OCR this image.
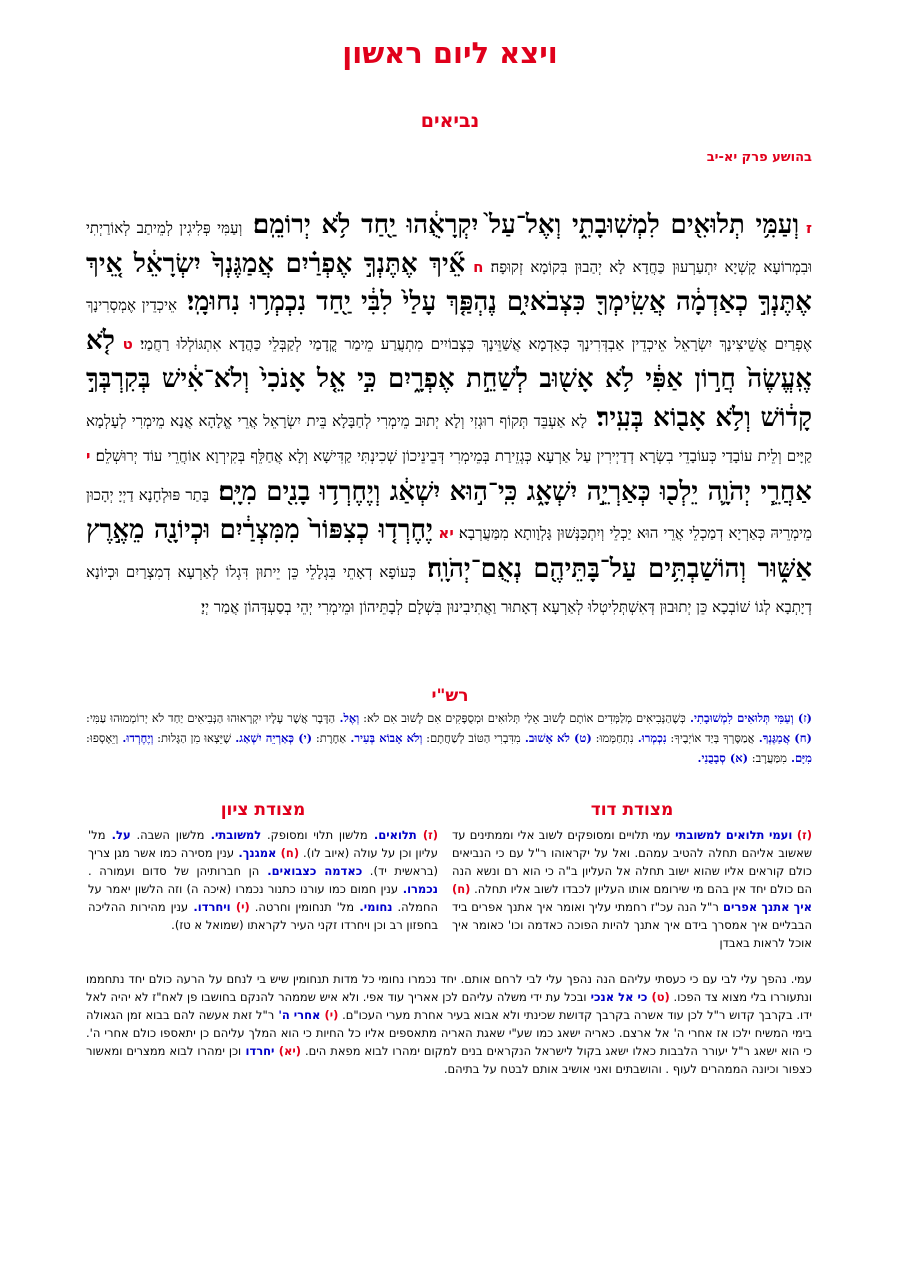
ויצא ליום ראשון
נביאים
בהושע פרק יא-יב
ז וְעַמִּ֥י תְלוּאִ֖ים לִמְשֽׁוּבָתִ֑י וְאֶל־עַל֙ יִקְרָאֻ֔הוּ יַ֖חַד לֹ֥א יְרוֹמֵֽם׃ וְעַמִּי פְּלִיגִין לְמֵיתַב לְאוֹרַיְתִי וּבִמְרוֹעָא קָשְׁיָא יִתְעַרְעוּן כַּחֲדָא לָא יְהַבוּן בִּקוֹמָא זְקוּפָה׃ ח אֵ֞יךְ אֶתֶּנְךָ֣ אֶפְרַ֗יִם אֲמַגֶּנְךָ֙ יִשְׂרָאֵ֔ל אֵ֚יךְ אֶתֶּנְךָ֣ כְאַדְמָ֔ה אֲשִֽׂימְךָ֖ כִּצְבֹאיִ֑ם נֶהְפַּ֤ךְ עָלַי֙ לִבִּ֔י יַ֖חַד נִכְמְר֥וּ נִחוּמָֽי׃ אֵיכְדֵין אֶמְסְרִינָךְ אֶפְרַיִם אֲשֵׁיצִינָךְ יִשְׂרָאֵל אֵיכְדֵין אַבְדְּרִינָךְ כְּאַדְמָא אֲשַׁוֵּינָךְ כִּצְבוֹיִים מִתְעֲרַע מֵימַר קֳדָמַי לְקַבְּלֵי כַּהֲדָא אִתְגּוֹלְלוּ רַחֲמַי׃ ט לֹ֤א אֶֽעֱשֶׂה֙ חֲר֣וֹן אַפִּ֔י לֹ֥א אָשׁ֖וּב לְשַׁחֵ֣ת אֶפְרָ֑יִם כִּ֣י אֵ֤ל אָנֹכִי֙ וְלֹא־אִ֔ישׁ בְּקִרְבְּךָ֣ קָד֔וֹשׁ וְלֹ֥א אָב֖וֹא בְּעִֽיר׃ לָא אַעְבֵּד תְּקוֹף רוּגְזִי וְלָא יְתוּב מֵימְרִי לְחַבָּלָא בֵּית יִשְׂרָאֵל אֲרֵי אֱלָהָא אֲנָא מֵימְרִי לְעָלְמָא קַיָּים וְלֵית עוֹבָדַי כְּעוֹבָדֵי בִשְׂרָא דְדַיְירִין עַל אַרְעָא כְּגְזֵירַת בְּמֵימְרִי דְּבֵינֵיכוֹן שְׁכִינְתִּי קַדִּישָׁא וְלָא אֲחַלֵּף בְּקִירְוָא אוֹחֲרֵי עוֹד יְרוּשְׁלֵם׃ י אַחֲרֵ֧י יְהֹוָ֛ה יֵלְכ֖וּ כְּאַרְיֵ֣ה יִשְׁאָ֑ג כִּֽי־ה֣וּא יִשְׁאַ֔ג וְיֶחֶרְד֥וּ בָנִ֖ים מִיָּֽם׃ בָּתַר פּוּלְחָנָא דַיְיָ יְהָכוּן מֵימְרֵיהּ כְּאַרְיָא דְמַכְלֵי אֲרֵי הוּא יַכְלֵי וְיִתְכַּנְּשׁוּן גָּלְוָותָא מִמַּעֲרְבָא׃ יא יֶחֶרְד֤וּ כְצִפּוֹר֙ מִמִּצְרַ֔יִם וּכְיוֹנָ֖ה מֵאֶ֣רֶץ אַשּׁ֑וּר וְהוֹשַׁבְתִּ֥ים עַל־בָּתֵּיהֶ֖ם נְאֻם־יְהֹוָֽה׃ כְּעוֹפָא דְאָתֵי בִּגְלָלֵי כֵּן יֵיתוּן דִּגְלוֹ לְאַרְעָא דְמִצְרַיִם וּכְיוֹנָא דְיָתְבָא לְגוֹ שׁוֹבְכָא כֵּן יְתוּבוּן דְּאִשְׁתְּלִיטְלוּ לְאַרְעָא דְאָתוּר וַאֲתִיבִינוּן בִּשְׁלָם לְבָתֵּיהוֹן וּמֵימְרִי יְהֵי בְסַעְדְּהוֹן אֲמַר יְיָ׃
רש"י
(ז) וְעַמִּי תְּלוּאִים לִמְשׁוּבָתִי. כְּשֶׁהַנְּבִיאִים מְלַמְּדִים אוֹתָם לָשׁוּב אֵלַי תְּלוּאִים וּמְסֻפָּקִים אִם לָשׁוּב אִם לֹא: וְאֶל. הַדָּבָר אֲשֶׁר עָלָיו יִקְרָאוּהוּ הַנְּבִיאִים יַחַד לֹא יְרוֹמְמוּהוּ עַמִּי: (ח) אֲמַגֶּנְךָ. אֲמַסֶּרְךָ בְּיַד אוֹיְבֶיךָ: נִכְמְרוּ. נִתְחַמְּמוּ: (ט) לֹא אָשׁוּב. מִדִּבְרִי הַטּוֹב לְשַׁחֲתָם: וְלֹא אָבוֹא בְּעִיר. אַחֶרֶת: (י) כְּאַרְיֵה יִשְׁאַג. שֶׁיֵּצְאוּ מִן הַגָּלוּת: וְיֶחֶרְדוּ. וְיֵאָסְפוּ: מִיָּם. מִמַּעֲרָב: (א) סְבָבֻנִי.
מצודת דוד
מצודת ציון
(ז) ועמי תלואים למשובתי עמי תלויים ומסופקים לשוב אלי וממתינים עד שאשוב אליהם תחלה להטיב עמהם. ואל על יקראוהו ר"ל עם כי הנביאים כולם קוראים אליו שהוא ישוב תחלה אל העליון ב"ה כי הוא רם ונשא הנה הם כולם יחד אין בהם מי שירומם אותו העליון לכבדו לשוב אליו תחלה. (ח) איך אתנך אפרים ר"ל הנה עכ"ז רחמתי עליך ואומר איך אתנך אפרים ביד הבבליים איך אמסרך בידם איך אתנך להיות הפוכה כאדמה וכו' כאומר איך אוכל לראות באבדן
(ז) תלואים. מלשון תלוי ומסופק. למשובתי. מלשון השבה. על. מל' עליון וכן על עולה (איוב לו). (ח) אמגנך. ענין מסירה כמו אשר מגן צריך (בראשית יד). כאדמה כצבואים. הן חברותיהן של סדום ועמורה . נכמרו. ענין חמום כמו עורנו כתנור נכמרו (איכה ה) וזה הלשון יאמר על החמלה. נחומי. מל' תנחומין וחרטה. (י) ויחרדו. ענין מהירות ההליכה בחפזון רב וכן ויחרדו זקני העיר לקראתו (שמואל א טז).
עמי. נהפך עלי לבי עם כי כעסתי עליהם הנה נהפך עלי לבי לרחם אותם. יחד נכמרו נחומי כל מדות תנחומין שיש בי לנחם על הרעה כולם יחד נתחממו ונתעוררו בלי מצוא צד הפכו. (ט) כי אל אנכי ובכל עת ידי משלה עליהם לכן אאריך עוד אפי. ולא איש שממהר להנקם בחושבו פן לאח"ז לא יהיה לאל ידו. בקרבך קדוש ר"ל לכן עוד אשרה בקרבך קדושת שכינתי ולא אבוא בעיר אחרת מערי העכו"ם. (י) אחרי ה' ר"ל זאת אעשה להם בבוא זמן הגאולה בימי המשיח ילכו אז אחרי ה' אל ארצם. כאריה ישאג כמו שע"י שאגת האריה מתאספים אליו כל החיות כי הוא המלך עליהם כן יתאספו כולם אחרי ה'. כי הוא ישאג ר"ל יעורר הלבבות כאלו ישאג בקול לישראל הנקראים בנים למקום ימהרו לבוא מפאת הים. (יא) יחרדו וכן ימהרו לבוא ממצרים ומאשור כצפור וכיונה הממהרים לעוף . והושבתים ואני אושיב אותם לבטח על בתיהם.
